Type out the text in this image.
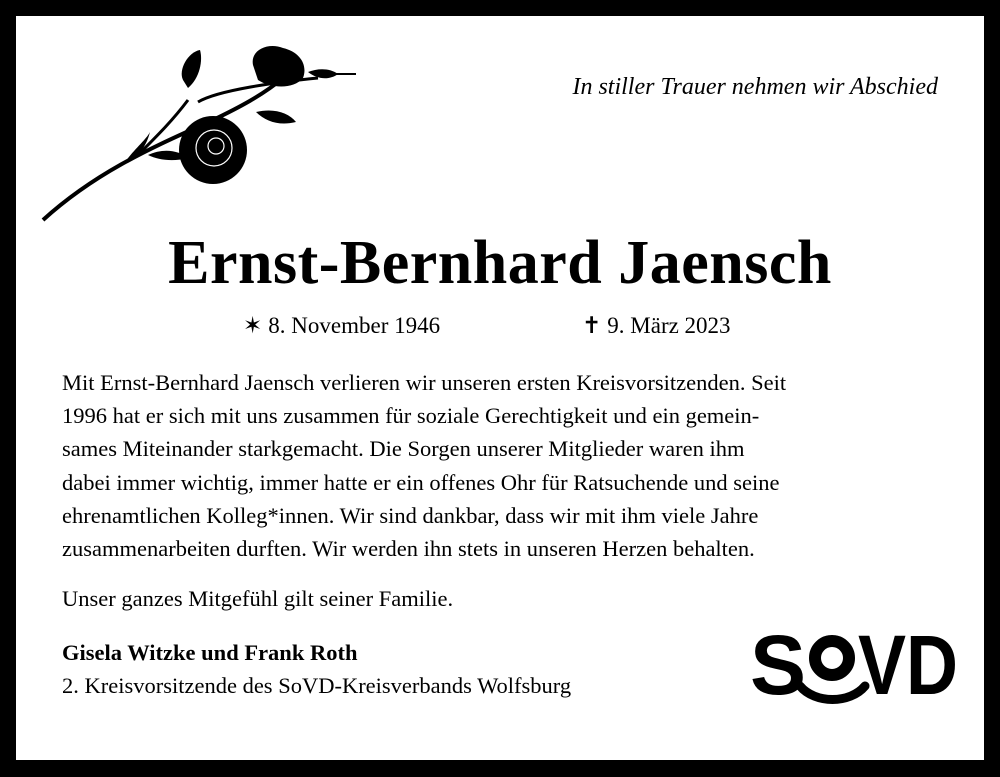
In stiller Trauer nehmen wir Abschied
Ernst-Bernhard Jaensch
✶ 8. November 1946	✝ 9. März 2023

Mit Ernst-Bernhard Jaensch verlieren wir unseren ersten Kreisvorsitzenden. Seit

1996 hat er sich mit uns zusammen für soziale Gerechtigkeit und ein gemein-

sames Miteinander starkgemacht. Die Sorgen unserer Mitglieder waren ihm

dabei immer wichtig, immer hatte er ein offenes Ohr für Ratsuchende und seine

ehrenamtlichen Kolleg*innen. Wir sind dankbar, dass wir mit ihm viele Jahre

zusammenarbeiten durften. Wir werden ihn stets in unseren Herzen behalten.

Unser ganzes Mitgefühl gilt seiner Familie.
Gisela Witzke und Frank Roth
2. Kreisvorsitzende des SoVD-Kreisverbands Wolfsburg S VD
